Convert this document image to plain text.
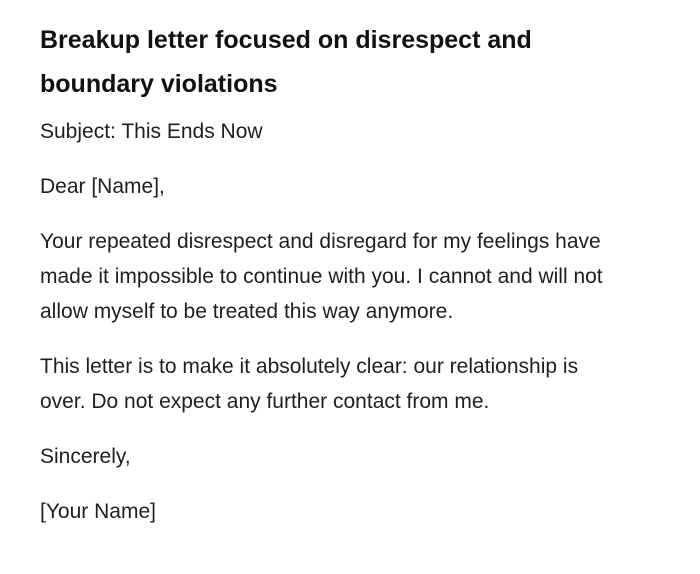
Breakup letter focused on disrespect and boundary violations

Subject: This Ends Now

Dear [Name],

Your repeated disrespect and disregard for my feelings have made it impossible to continue with you. I cannot and will not allow myself to be treated this way anymore.

This letter is to make it absolutely clear: our relationship is over. Do not expect any further contact from me.

Sincerely,

[Your Name]
